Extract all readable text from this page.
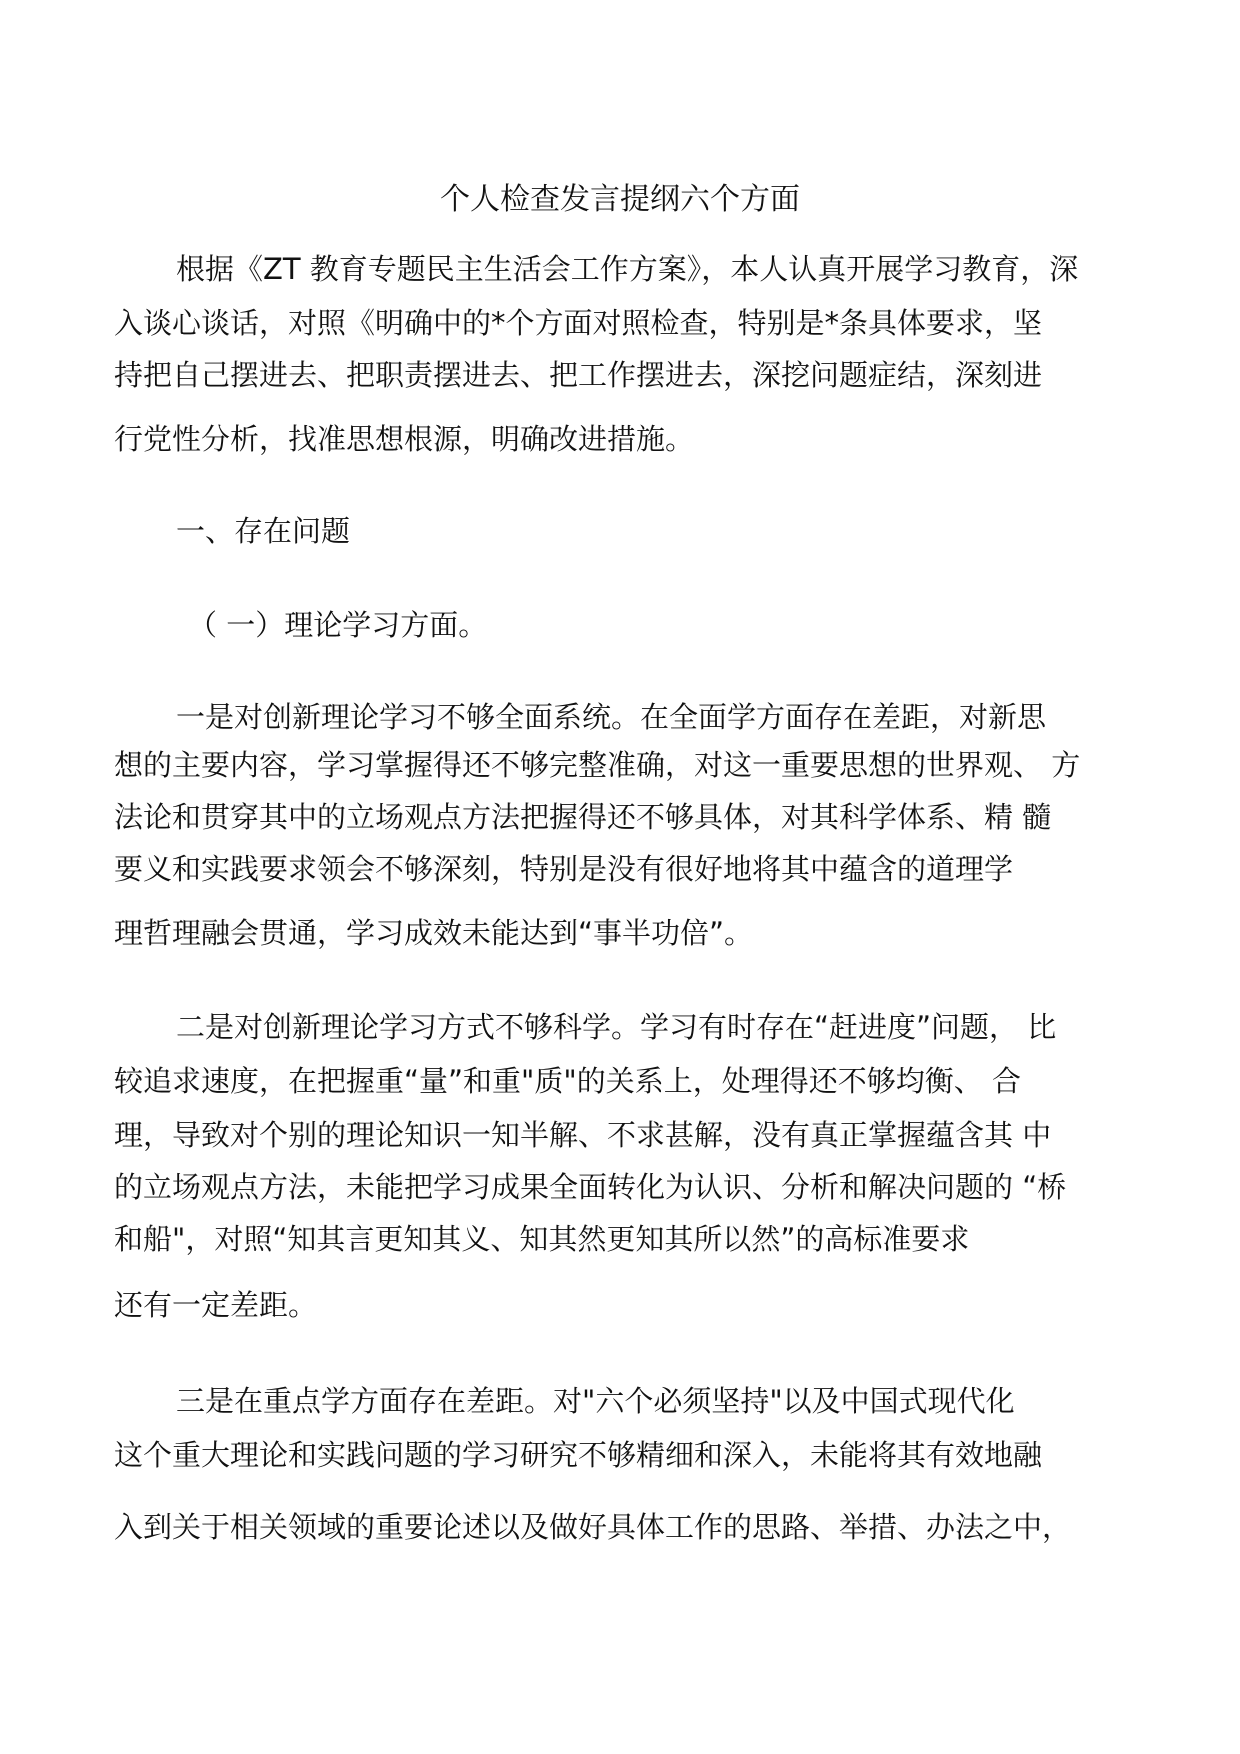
个人检查发言提纲六个方面

根据《ZT 教育专题民主生活会工作方案》，本人认真开展学习教育，深

入谈心谈话，对照《明确中的*个方面对照检查，特别是*条具体要求，坚

持把自己摆进去、把职责摆进去、把工作摆进去，深挖问题症结，深刻进

行党性分析，找准思想根源，明确改进措施。

一、存在问题

（ 一）理论学习方面。

一是对创新理论学习不够全面系统。在全面学方面存在差距，对新思

想的主要内容，学习掌握得还不够完整准确，对这一重要思想的世界观、 方

法论和贯穿其中的立场观点方法把握得还不够具体，对其科学体系、精 髓

要义和实践要求领会不够深刻，特别是没有很好地将其中蕴含的道理学

理哲理融会贯通，学习成效未能达到“事半功倍”。

二是对创新理论学习方式不够科学。学习有时存在“赶进度”问题， 比

较追求速度，在把握重“量”和重"质"的关系上，处理得还不够均衡、 合

理，导致对个别的理论知识一知半解、不求甚解，没有真正掌握蕴含其 中

的立场观点方法，未能把学习成果全面转化为认识、分析和解决问题的 “桥

和船"，对照“知其言更知其义、知其然更知其所以然”的高标准要求

还有一定差距。

三是在重点学方面存在差距。对"六个必须坚持"以及中国式现代化

这个重大理论和实践问题的学习研究不够精细和深入，未能将其有效地融

入到关于相关领域的重要论述以及做好具体工作的思路、举措、办法之中，
